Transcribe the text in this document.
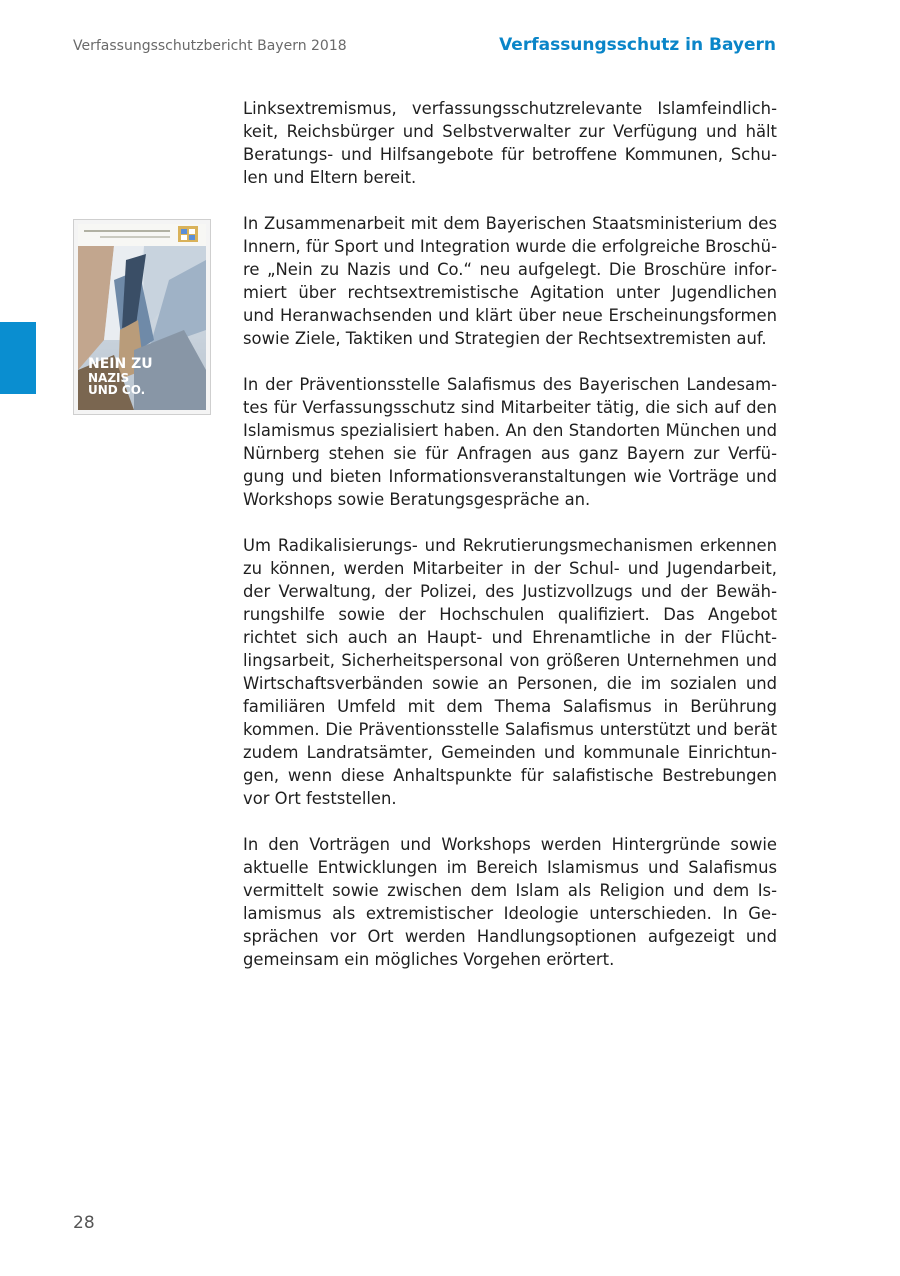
Verfassungsschutzbericht Bayern 2018	Verfassungsschutz in Bayern
NEIN ZU
NAZIS
UND CO.

Linksextremismus, verfassungsschutzrelevante Islamfeindlichkeit, Reichsbürger und Selbstverwalter zur Verfügung und hält Beratungs- und Hilfsangebote für betroffene Kommunen, Schulen und Eltern bereit.

In Zusammenarbeit mit dem Bayerischen Staatsministerium des Innern, für Sport und Integration wurde die erfolgreiche Broschüre „Nein zu Nazis und Co.“ neu aufgelegt. Die Broschüre informiert über rechtsextremistische Agitation unter Jugendlichen und Heranwachsenden und klärt über neue Erscheinungsformen sowie Ziele, Taktiken und Strategien der Rechtsextremisten auf.

In der Präventionsstelle Salafismus des Bayerischen Landesamtes für Verfassungsschutz sind Mitarbeiter tätig, die sich auf den Islamismus spezialisiert haben. An den Standorten München und Nürnberg stehen sie für Anfragen aus ganz Bayern zur Verfügung und bieten Informationsveranstaltungen wie Vorträge und Workshops sowie Beratungsgespräche an.

Um Radikalisierungs- und Rekrutierungsmechanismen erkennen zu können, werden Mitarbeiter in der Schul- und Jugendarbeit, der Verwaltung, der Polizei, des Justizvollzugs und der Bewährungshilfe sowie der Hochschulen qualifiziert. Das Angebot richtet sich auch an Haupt- und Ehrenamtliche in der Flüchtlingsarbeit, Sicherheitspersonal von größeren Unternehmen und Wirtschaftsverbänden sowie an Personen, die im sozialen und familiären Umfeld mit dem Thema Salafismus in Berührung kommen. Die Präventionsstelle Salafismus unterstützt und berät zudem Landratsämter, Gemeinden und kommunale Einrichtungen, wenn diese Anhaltspunkte für salafistische Bestrebungen vor Ort feststellen.

In den Vorträgen und Workshops werden Hintergründe sowie aktuelle Entwicklungen im Bereich Islamismus und Salafismus vermittelt sowie zwischen dem Islam als Religion und dem Islamismus als extremistischer Ideologie unterschieden. In Gesprächen vor Ort werden Handlungsoptionen aufgezeigt und gemeinsam ein mögliches Vorgehen erörtert.

28
